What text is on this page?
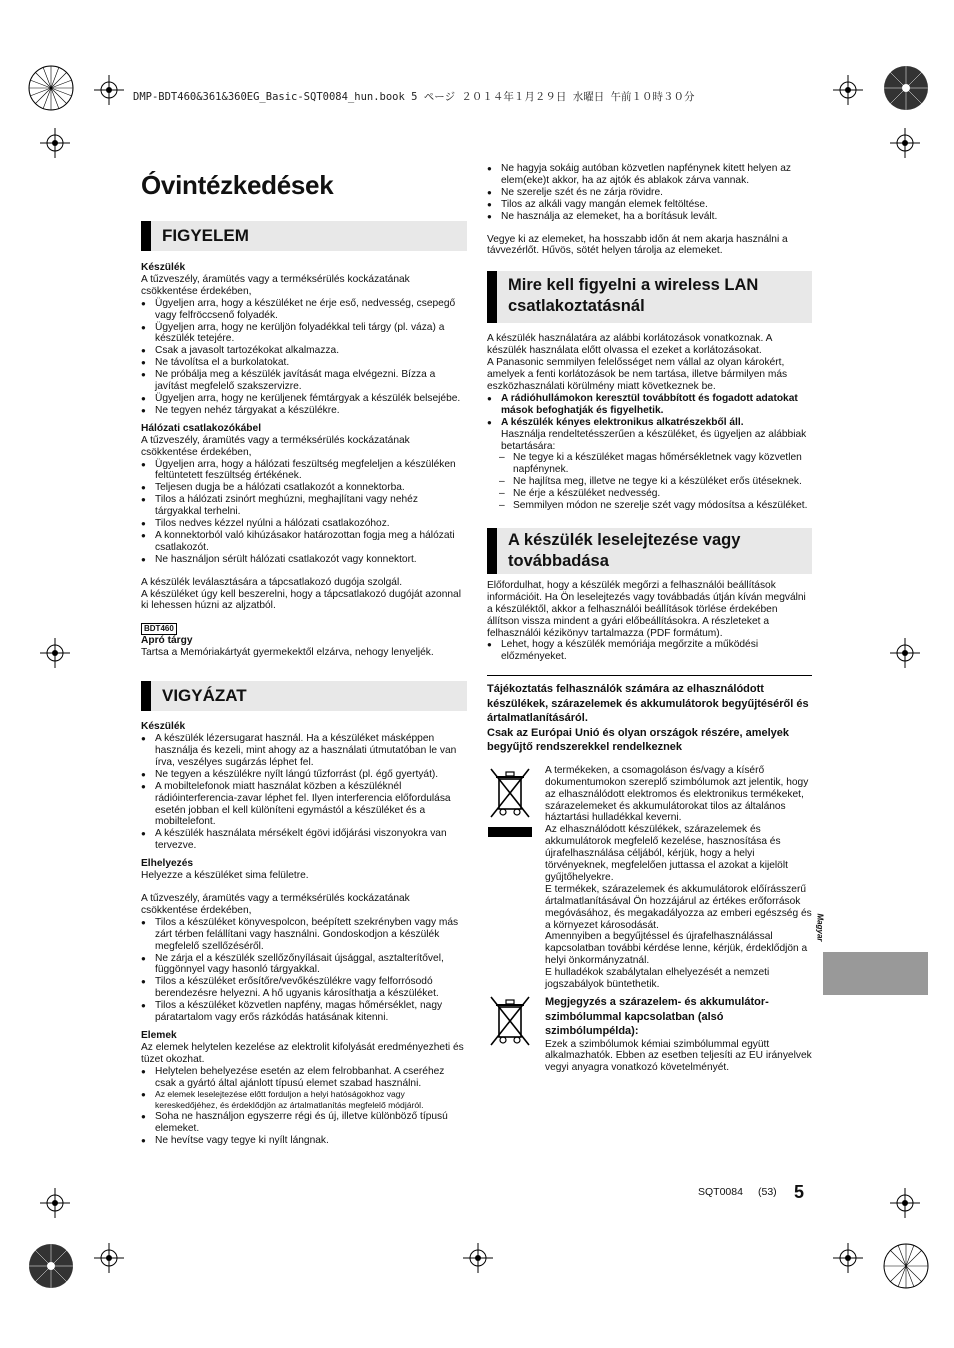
DMP-BDT460&361&360EG_Basic-SQT0084_hun.book 5 ページ ２０１４年１月２９日 水曜日 午前１０時３０分
Óvintézkedések
FIGYELEM

Készülék

A tűzveszély, áramütés vagy a terméksérülés kockázatának csökkentése érdekében,

● Ügyeljen arra, hogy a készüléket ne érje eső, nedvesség, csepegő vagy felfröccsenő folyadék.
● Ügyeljen arra, hogy ne kerüljön folyadékkal teli tárgy (pl. váza) a készülék tetejére.
● Csak a javasolt tartozékokat alkalmazza.
● Ne távolítsa el a burkolatokat.
● Ne próbálja meg a készülék javítását maga elvégezni. Bízza a javítást megfelelő szakszervizre.
● Ügyeljen arra, hogy ne kerüljenek fémtárgyak a készülék belsejébe.
● Ne tegyen nehéz tárgyakat a készülékre.

Hálózati csatlakozókábel

A tűzveszély, áramütés vagy a terméksérülés kockázatának csökkentése érdekében,

● Ügyeljen arra, hogy a hálózati feszültség megfeleljen a készüléken feltüntetett feszültség értékének.
● Teljesen dugja be a hálózati csatlakozót a konnektorba.
● Tilos a hálózati zsinórt meghúzni, meghajlítani vagy nehéz tárgyakkal terhelni.
● Tilos nedves kézzel nyúlni a hálózati csatlakozóhoz.
● A konnektorból való kihúzásakor határozottan fogja meg a hálózati csatlakozót.
● Ne használjon sérült hálózati csatlakozót vagy konnektort.

A készülék leválasztására a tápcsatlakozó dugója szolgál.

A készüléket úgy kell beszerelni, hogy a tápcsatlakozó dugóját azonnal ki lehessen húzni az aljzatból.

BDT460

Apró tárgy

Tartsa a Memóriakártyát gyermekektől elzárva, nehogy lenyeljék.

VIGYÁZAT

Készülék

● A készülék lézersugarat használ. Ha a készüléket másképpen használja és kezeli, mint ahogy az a használati útmutatóban le van írva, veszélyes sugárzás léphet fel.
● Ne tegyen a készülékre nyílt lángú tűzforrást (pl. égő gyertyát).
● A mobiltelefonok miatt használat közben a készüléknél rádióinterferencia-zavar léphet fel. Ilyen interferencia előfordulása esetén jobban el kell különíteni egymástól a készüléket és a mobiltelefont.
● A készülék használata mérsékelt égövi időjárási viszonyokra van tervezve.

Elhelyezés

Helyezze a készüléket sima felületre.

A tűzveszély, áramütés vagy a terméksérülés kockázatának csökkentése érdekében,

● Tilos a készüléket könyvespolcon, beépített szekrényben vagy más zárt térben felállítani vagy használni. Gondoskodjon a készülék megfelelő szellőzéséről.
● Ne zárja el a készülék szellőzőnyílásait újsággal, asztalterítővel, függönnyel vagy hasonló tárgyakkal.
● Tilos a készüléket erősítőre/vevőkészülékre vagy felforrósodó berendezésre helyezni. A hő ugyanis károsíthatja a készüléket.
● Tilos a készüléket közvetlen napfény, magas hőmérséklet, nagy páratartalom vagy erős rázkódás hatásának kitenni.

Elemek

Az elemek helytelen kezelése az elektrolit kifolyását eredményezheti és tüzet okozhat.

● Helytelen behelyezése esetén az elem felrobbanhat. A cseréhez csak a gyártó által ajánlott típusú elemet szabad használni.
● Az elemek leselejtezése előtt forduljon a helyi hatóságokhoz vagy kereskedőjéhez, és érdeklődjön az ártalmatlanítás megfelelő módjáról.
● Soha ne használjon egyszerre régi és új, illetve különböző típusú elemeket.
● Ne hevítse vagy tegye ki nyílt lángnak.
● Ne hagyja sokáig autóban közvetlen napfénynek kitett helyen az elem(eke)t akkor, ha az ajtók és ablakok zárva vannak.
● Ne szerelje szét és ne zárja rövidre.
● Tilos az alkáli vagy mangán elemek feltöltése.
● Ne használja az elemeket, ha a borításuk levált.

Vegye ki az elemeket, ha hosszabb időn át nem akarja használni a távvezérlőt. Hűvös, sötét helyen tárolja az elemeket.

Mire kell figyelni a wireless LAN csatlakoztatásnál

A készülék használatára az alábbi korlátozások vonatkoznak. A készülék használata előtt olvassa el ezeket a korlátozásokat.

A Panasonic semmilyen felelősséget nem vállal az olyan károkért, amelyek a fenti korlátozások be nem tartása, illetve bármilyen más eszközhasználati körülmény miatt következnek be.

● A rádióhullámokon keresztül továbbított és fogadott adatokat mások befoghatják és figyelhetik.
● A készülék kényes elektronikus alkatrészekből áll.
Használja rendeltetésszerűen a készüléket, és ügyeljen az alábbiak betartására:
– Ne tegye ki a készüléket magas hőmérsékletnek vagy közvetlen napfénynek.
– Ne hajlítsa meg, illetve ne tegye ki a készüléket erős ütéseknek.
– Ne érje a készüléket nedvesség.
– Semmilyen módon ne szerelje szét vagy módosítsa a készüléket.
A készülék leselejtezése vagy továbbadása

Előfordulhat, hogy a készülék megőrzi a felhasználói beállítások információit. Ha Ön leselejtezés vagy továbbadás útján kíván megválni a készüléktől, akkor a felhasználói beállítások törlése érdekében állítson vissza mindent a gyári előbeállításokra. A részleteket a felhasználói kézikönyv tartalmazza (PDF formátum).

● Lehet, hogy a készülék memóriája megőrzite a működési előzményeket.

Tájékoztatás felhasználók számára az elhasználódott készülékek, szárazelemek és akkumulátorok begyűjtéséről és ártalmatlanításáról.

Csak az Európai Unió és olyan országok részére, amelyek begyűjtő rendszerekkel rendelkeznek

A termékeken, a csomagoláson és/vagy a kísérő dokumentumokon szereplő szimbólumok azt jelentik, hogy az elhasználódott elektromos és elektronikus termékeket, szárazelemeket és akkumulátorokat tilos az általános háztartási hulladékkal keverni.

Az elhasználódott készülékek, szárazelemek és akkumulátorok megfelelő kezelése, hasznosítása és újrafelhasználása céljából, kérjük, hogy a helyi törvényeknek, megfelelően juttassa el azokat a kijelölt gyűjtőhelyekre.

E termékek, szárazelemek és akkumulátorok előírásszerű ártalmatlanításával Ön hozzájárul az értékes erőforrások megóvásához, és megakadályozza az emberi egészség és a környezet károsodását.

Amennyiben a begyűjtéssel és újrafelhasználással kapcsolatban további kérdése lenne, kérjük, érdeklődjön a helyi önkormányzatnál.

E hulladékok szabálytalan elhelyezését a nemzeti jogszabályok büntethetik.

Megjegyzés a szárazelem- és akkumulátor-szimbólummal kapcsolatban (alsó szimbólumpélda):

Ezek a szimbólumok kémiai szimbólummal együtt alkalmazhatók. Ebben az esetben teljesíti az EU irányelvek vegyi anyagra vonatkozó követelményét.

Magyar
SQT0084 (53) 5
